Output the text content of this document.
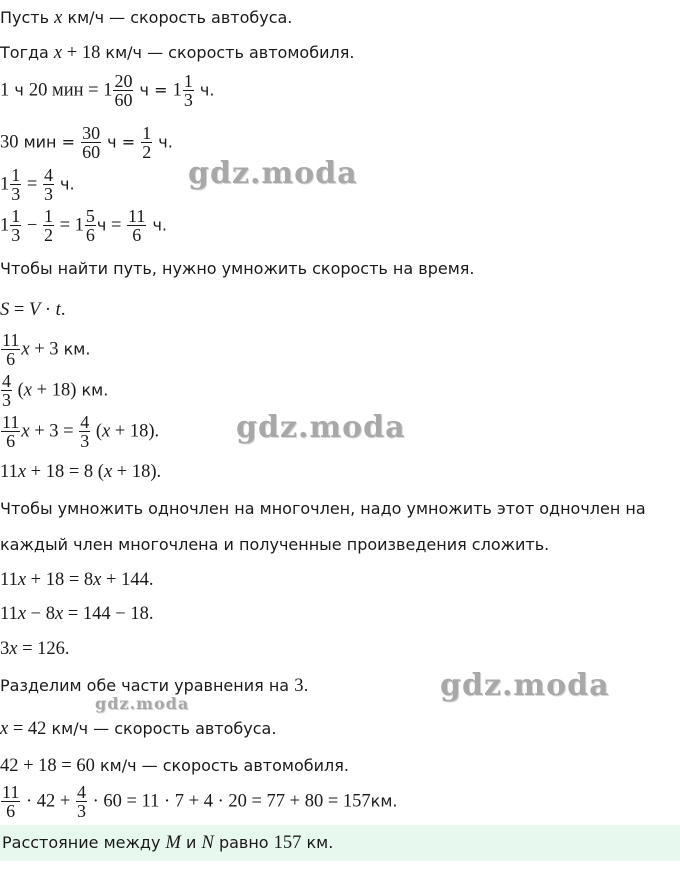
Пусть x км/ч — скорость автобуса.
Тогда x + 18 км/ч — скорость автомобиля.
1 ч 20 мин = $1 \frac{20}{60}$ $ч = 1 \frac{1}{3} ч$.
30 мин = $\frac{30}{60}$ $ч = \frac{1}{2} ч$.
$1 \frac{1}{3} = \frac{4}{3} ч$.
$1 \frac{1}{3} - \frac{1}{2} = 1 \frac{5}{6}$ $ч = \frac{11}{6} ч$.
Чтобы найти путь, нужно умножить скорость на время.
S = V · t.
$\frac{11}{6}$ x + 3 км.
$\frac{4}{3} (x + 18)$ км.
$\frac{11}{6}$ $x + 3 = \frac{4}{3} (x + 18)$.
11x + 18 = 8 (x + 18).
Чтобы умножить одночлен на многочлен, надо умножить этот одночлен на
каждый член многочлена и полученные произведения сложить.
11x + 18 = 8x + 144.
11x − 8x = 144 − 18.
3x = 126.
Разделим обе части уравнения на 3.
x = 42 км/ч — скорость автобуса.
42 + 18 = 60 км/ч — скорость автомобиля.
$\frac{11}{6} \cdot 42 + \frac{4}{3} \cdot 60 = 11 \cdot 7 + 4 \cdot 20 = 77 + 80 = 157км$.
Расстояние между M и N равно 157 км.
gdz.moda
gdz.moda
gdz.moda
gdz.moda
